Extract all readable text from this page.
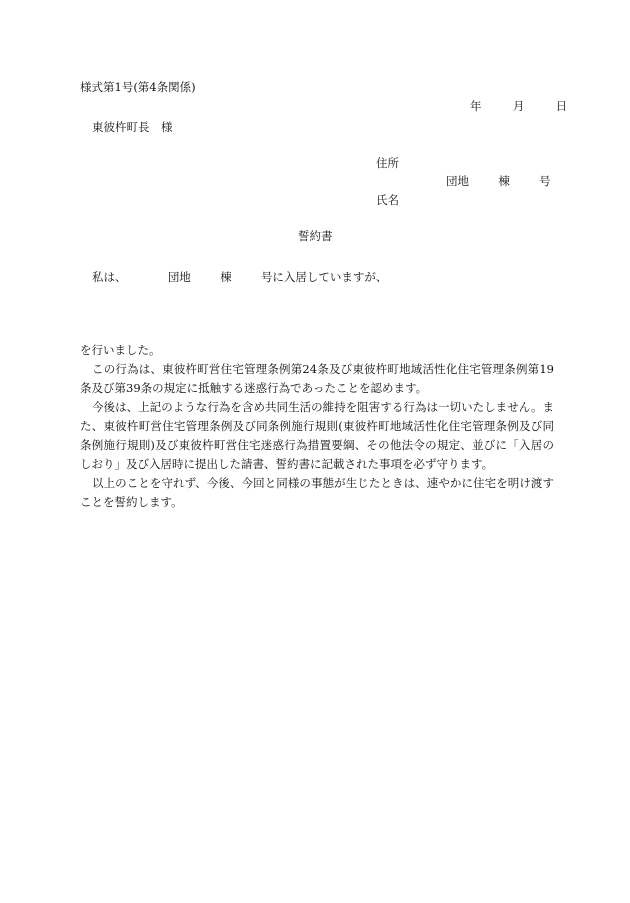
様式第1号(第4条関係)
年	月	日
東彼杵町長　様
住所
団地	棟	号
氏名
誓約書
私は、	団地	棟	号に入居していますが、

を行いました。

この行為は、東彼杵町営住宅管理条例第24条及び東彼杵町地域活性化住宅管理条例第19条及び第39条の規定に抵触する迷惑行為であったことを認めます。

今後は、上記のような行為を含め共同生活の維持を阻害する行為は一切いたしません。また、東彼杵町営住宅管理条例及び同条例施行規則(東彼杵町地域活性化住宅管理条例及び同条例施行規則)及び東彼杵町営住宅迷惑行為措置要綱、その他法令の規定、並びに「入居のしおり」及び入居時に提出した請書、誓約書に記載された事項を必ず守ります。

以上のことを守れず、今後、今回と同様の事態が生じたときは、速やかに住宅を明け渡すことを誓約します。
